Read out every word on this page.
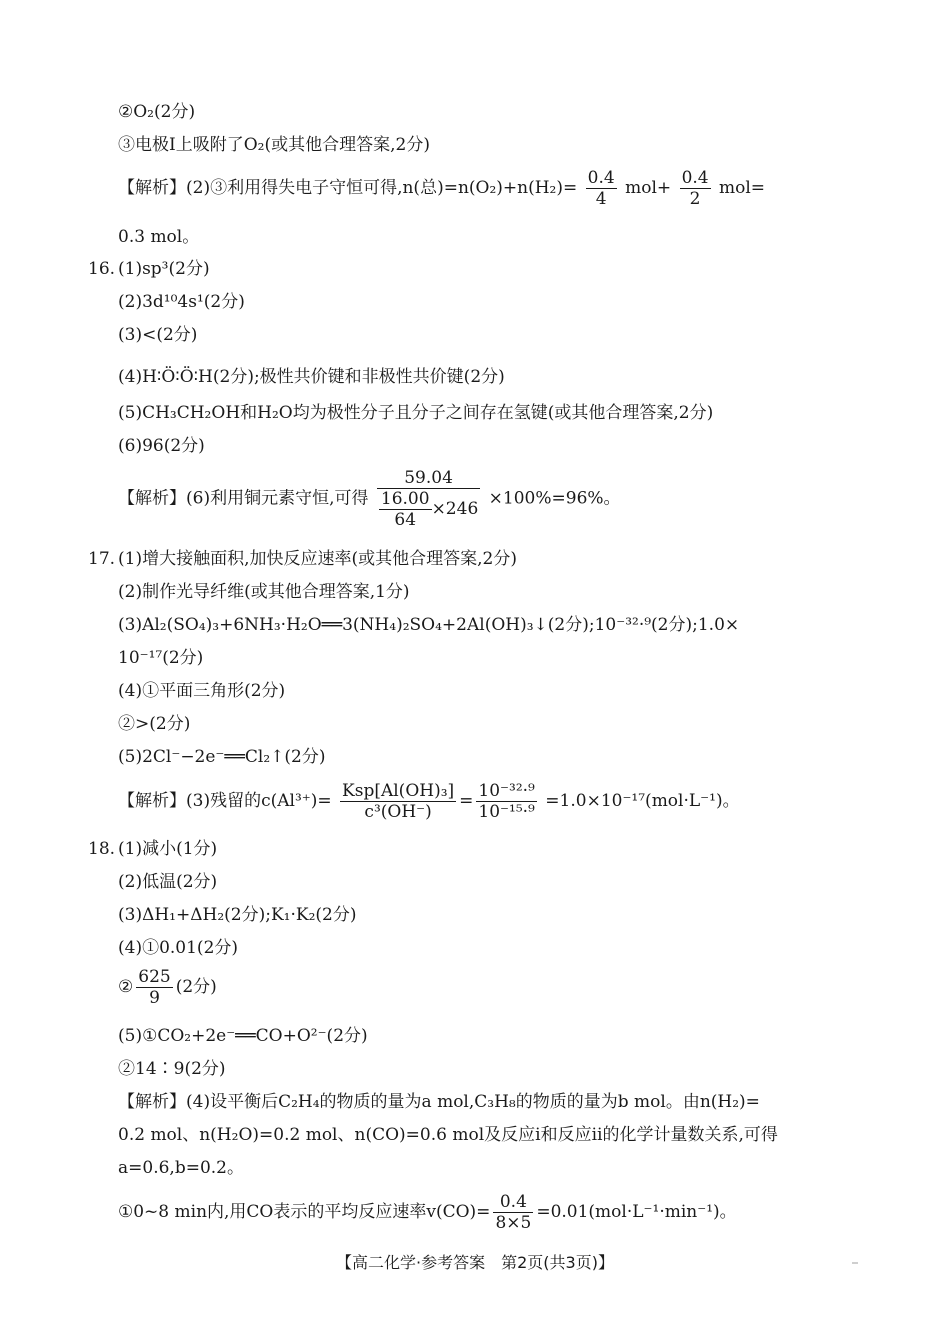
②O₂(2分)
③电极Ⅰ上吸附了O₂(或其他合理答案,2分)
【解析】(2)③利用得失电子守恒可得,n(总)$=n(O_2)+n(H_2)= \frac{0.4}{4} mol+ \frac{0.4}{2} mol=$
0.3 mol。
16. (1)sp³(2分)
(2)3d¹⁰4s¹(2分)
(3)<(2分)
(4)H∶Ö∶Ö∶H(2分);极性共价键和非极性共价键(2分)
(5)CH₃CH₂OH和H₂O均为极性分子且分子之间存在氢键(或其他合理答案,2分)
(6)96(2分)
【解析】(6)利用铜元素守恒,可得 $\frac{59.04}{\frac{16.00}{64} \times 246} \times 100\%=96\%$。
17. (1)增大接触面积,加快反应速率(或其他合理答案,2分)
(2)制作光导纤维(或其他合理答案,1分)
(3)Al₂(SO₄)₃+6NH₃·H₂O══3(NH₄)₂SO₄+2Al(OH)₃↓(2分);10⁻³²·⁹(2分);1.0×
10⁻¹⁷(2分)
(4)①平面三角形(2分)
②>(2分)
(5)2Cl⁻−2e⁻══Cl₂↑(2分)
【解析】(3)残留的$c(Al^{3+})= \frac{\text{Ksp[Al(OH)₃]}}{\text{c³(OH⁻)}} = \frac{\text{10⁻³²·⁹}}{\text{10⁻¹⁵·⁹}} =1.0\times 10^{-17}(mol\cdot L^{-1})$。
18. (1)减小(1分)
(2)低温(2分)
(3)ΔH₁+ΔH₂(2分);K₁·K₂(2分)
(4)①0.01(2分)
② $\frac{625}{9} (2$分)
(5)①CO₂+2e⁻══CO+O²⁻(2分)
②14∶9(2分)
【解析】(4)设平衡后C₂H₄的物质的量为a mol,C₃H₈的物质的量为b mol。由n(H₂)=
0.2 mol、n(H₂O)=0.2 mol、n(CO)=0.6 mol及反应ⅰ和反应ⅱ的化学计量数关系,可得
a=0.6,b=0.2。
①0~8 min内,用CO表示的平均反应速率$v(CO)= \frac{0.4}{8\times 5} =0.01(mol\cdot L^{-1}\cdot\min^{-1})$。
【高二化学·参考答案　第2页(共3页)】
